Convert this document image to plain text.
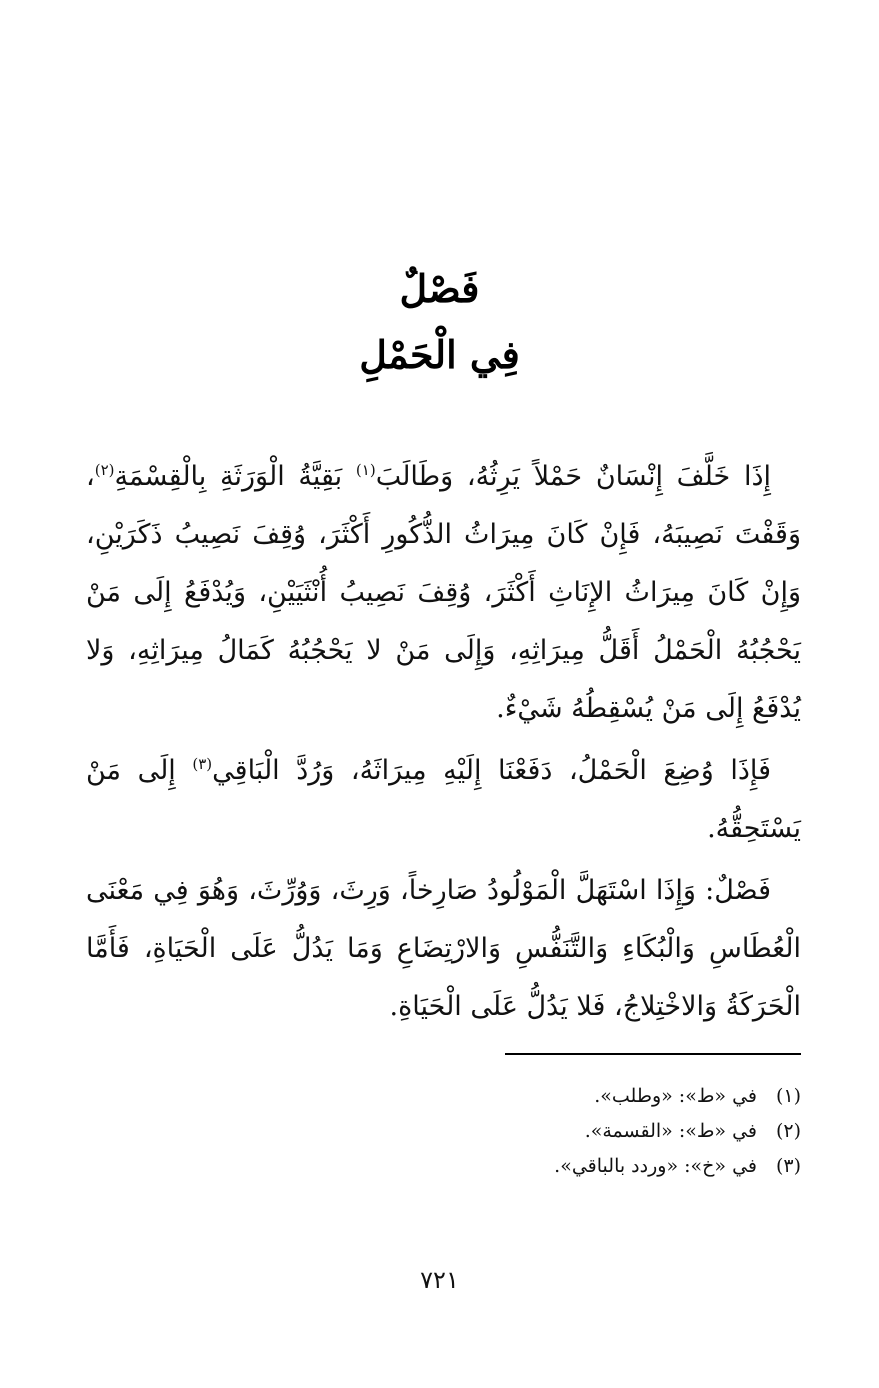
فَصْلٌ
فِي الْحَمْلِ

إِذَا خَلَّفَ إِنْسَانٌ حَمْلاً يَرِثُهُ، وَطَالَبَ$^{(١)}$ بَقِيَّةُ الْوَرَثَةِ بِالْقِسْمَةِ$^{(٢)}$، وَقَفْتَ نَصِيبَهُ، فَإِنْ كَانَ مِيرَاثُ الذُّكُورِ أَكْثَرَ، وُقِفَ نَصِيبُ ذَكَرَيْنِ، وَإِنْ كَانَ مِيرَاثُ الإِنَاثِ أَكْثَرَ، وُقِفَ نَصِيبُ أُنْثَيَيْنِ، وَيُدْفَعُ إِلَى مَنْ يَحْجُبُهُ الْحَمْلُ أَقَلُّ مِيرَاثِهِ، وَإِلَى مَنْ لا يَحْجُبُهُ كَمَالُ مِيرَاثِهِ، وَلا يُدْفَعُ إِلَى مَنْ يُسْقِطُهُ شَيْءٌ.

فَإِذَا وُضِعَ الْحَمْلُ، دَفَعْنَا إِلَيْهِ مِيرَاثَهُ، وَرُدَّ الْبَاقِي$^{(٣)}$ إِلَى مَنْ يَسْتَحِقُّهُ.

فَصْلٌ: وَإِذَا اسْتَهَلَّ الْمَوْلُودُ صَارِخاً، وَرِثَ، وَوُرِّثَ، وَهُوَ فِي مَعْنَى الْعُطَاسِ وَالْبُكَاءِ وَالتَّنَفُّسِ وَالارْتِضَاعِ وَمَا يَدُلُّ عَلَى الْحَيَاةِ، فَأَمَّا الْحَرَكَةُ وَالاخْتِلاجُ، فَلا يَدُلُّ عَلَى الْحَيَاةِ.

(١)في «ط»: «وطلب».
(٢)في «ط»: «القسمة».
(٣)في «خ»: «وردد بالباقي».
٧٢١
